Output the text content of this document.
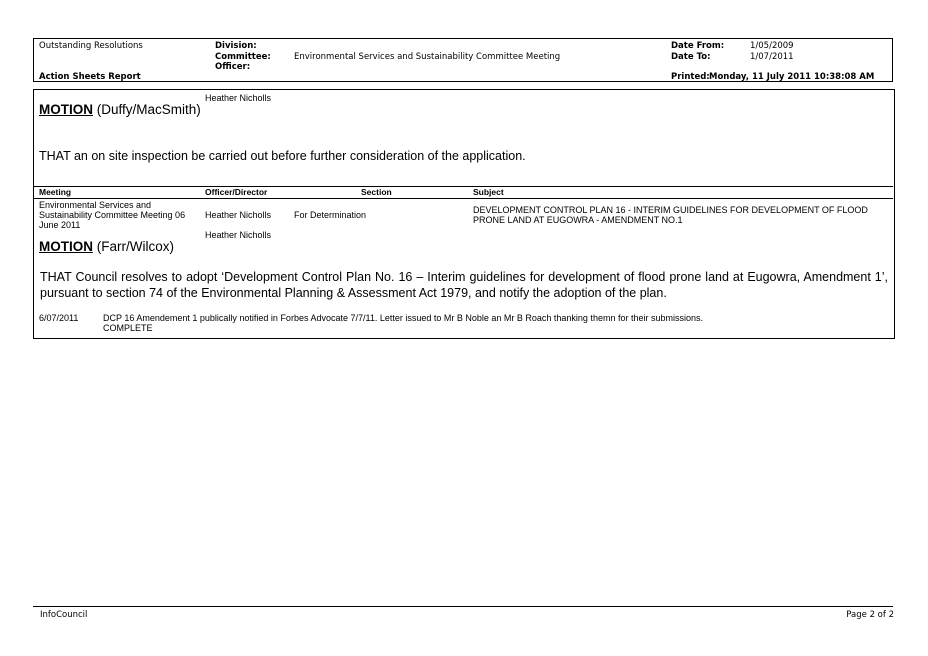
Outstanding Resolutions
Action Sheets Report
Division:
Committee:	Environmental Services and Sustainability Committee Meeting
Officer:
Date From:	1/05/2009
Date To:	1/07/2011
Printed: Monday, 11 July 2011 10:38:08 AM
Heather Nicholls
MOTION (Duffy/MacSmith)
THAT an on site inspection be carried out before further consideration of the application.
Meeting	Officer/Director	Section	Subject
Environmental Services and
Sustainability Committee Meeting 06
June 2011
Heather Nicholls	For Determination	DEVELOPMENT CONTROL PLAN 16 - INTERIM GUIDELINES FOR DEVELOPMENT OF FLOOD
PRONE LAND AT EUGOWRA - AMENDMENT NO.1
Heather Nicholls
MOTION (Farr/Wilcox)
THAT Council resolves to adopt ‘Development Control Plan No. 16 – Interim guidelines for development of flood prone land at Eugowra, Amendment 1’, pursuant to section 74 of the Environmental Planning & Assessment Act 1979, and notify the adoption of the plan.
6/07/2011	DCP 16 Amendement 1 publically notified in Forbes Advocate 7/7/11. Letter issued to Mr B Noble an Mr B Roach thanking themn for their submissions.
COMPLETE
InfoCouncil	Page 2 of 2
